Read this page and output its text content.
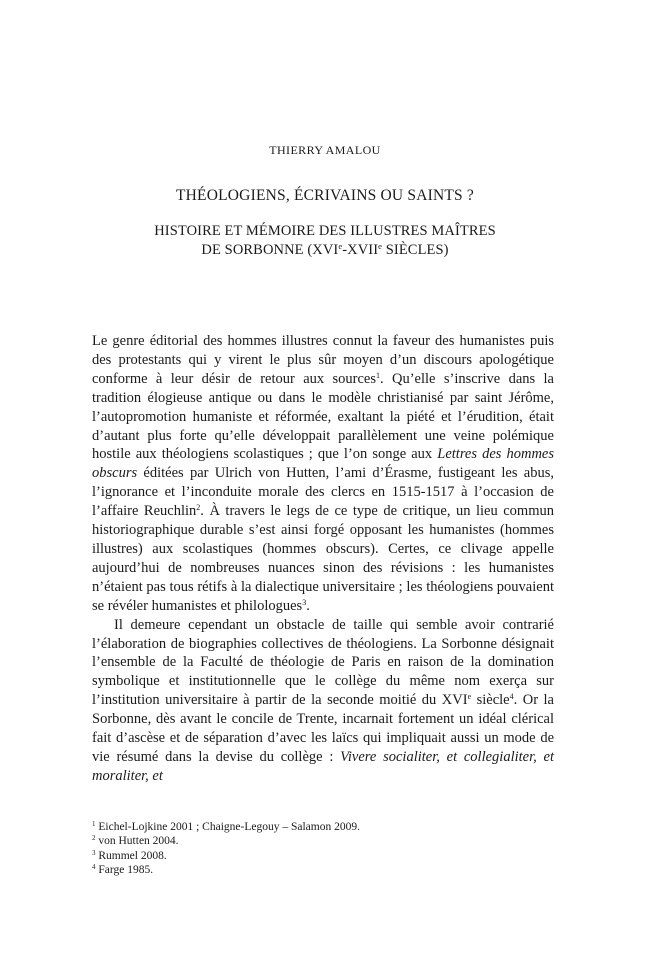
THIERRY AMALOU
THÉOLOGIENS, ÉCRIVAINS OU SAINTS ?
HISTOIRE ET MÉMOIRE DES ILLUSTRES MAÎTRES
DE SORBONNE (XVIe-XVIIe SIÈCLES)

Le genre éditorial des hommes illustres connut la faveur des humanistes puis des protestants qui y virent le plus sûr moyen d’un discours apologétique conforme à leur désir de retour aux sources$^1$. Qu’elle s’inscrive dans la tradition élogieuse antique ou dans le modèle christianisé par saint Jérôme, l’autopromotion humaniste et réformée, exaltant la piété et l’érudition, était d’autant plus forte qu’elle développait parallèlement une veine polémique hostile aux théologiens scolastiques ; que l’on songe aux Lettres des hommes obscurs éditées par Ulrich von Hutten, l’ami d’Érasme, fustigeant les abus, l’ignorance et l’inconduite morale des clercs en 1515-1517 à l’occasion de l’affaire Reuchlin$^2$. À travers le legs de ce type de critique, un lieu commun historiographique durable s’est ainsi forgé opposant les humanistes (hommes illustres) aux scolastiques (hommes obscurs). Certes, ce clivage appelle aujourd’hui de nombreuses nuances sinon des révisions : les humanistes n’étaient pas tous rétifs à la dialectique universitaire ; les théologiens pouvaient se révéler humanistes et philologues$^3$.

Il demeure cependant un obstacle de taille qui semble avoir contrarié l’élaboration de biographies collectives de théologiens. La Sorbonne désignait l’ensemble de la Faculté de théologie de Paris en raison de la domination symbolique et institutionnelle que le collège du même nom exerça sur l’institution universitaire à partir de la seconde moitié du XVIe siècle$^4$. Or la Sorbonne, dès avant le concile de Trente, incarnait fortement un idéal clérical fait d’ascèse et de séparation d’avec les laïcs qui impliquait aussi un mode de vie résumé dans la devise du collège : Vivere socialiter, et collegialiter, et moraliter, et

$^1$ Eichel-Lojkine 2001 ; Chaigne-Legouy – Salamon 2009.
$^2$ von Hutten 2004.
$^3$ Rummel 2008.
$^4$ Farge 1985.
